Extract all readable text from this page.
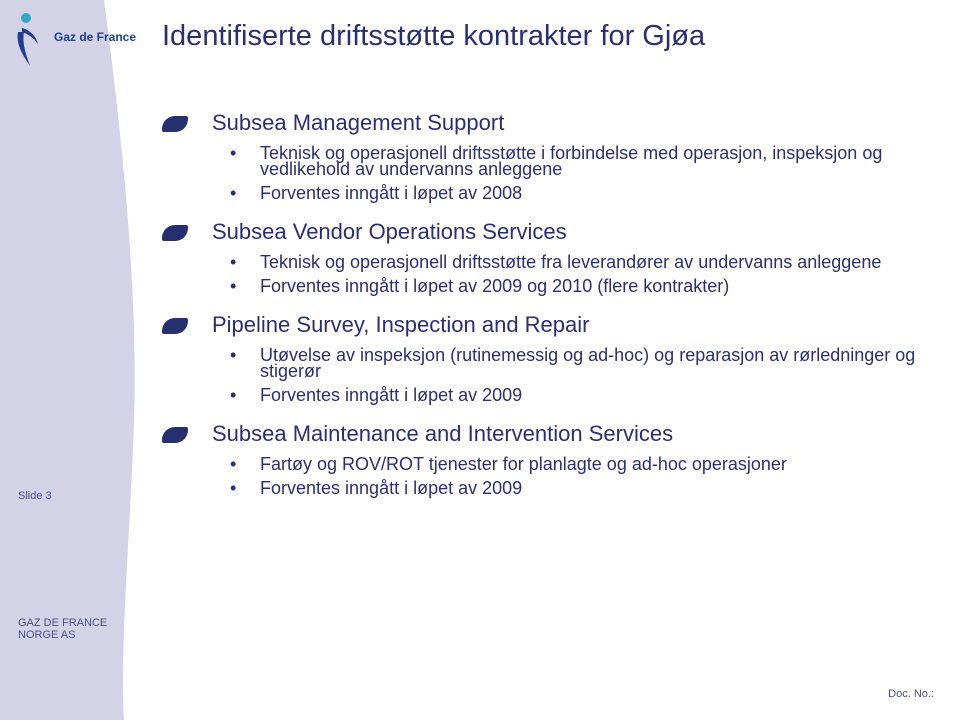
Gaz de France
Slide 3
GAZ DE FRANCE
NORGE AS
Identifiserte driftsstøtte kontrakter for Gjøa
Subsea Management Support
• Teknisk og operasjonell driftsstøtte i forbindelse med operasjon, inspeksjon og vedlikehold av undervanns anleggene
• Forventes inngått i løpet av 2008
Subsea Vendor Operations Services
• Teknisk og operasjonell driftsstøtte fra leverandører av undervanns anleggene
• Forventes inngått i løpet av 2009 og 2010 (flere kontrakter)
Pipeline Survey, Inspection and Repair
• Utøvelse av inspeksjon (rutinemessig og ad-hoc) og reparasjon av rørledninger og stigerør
• Forventes inngått i løpet av 2009
Subsea Maintenance and Intervention Services
• Fartøy og ROV/ROT tjenester for planlagte og ad-hoc operasjoner
• Forventes inngått i løpet av 2009
Doc. No.:
